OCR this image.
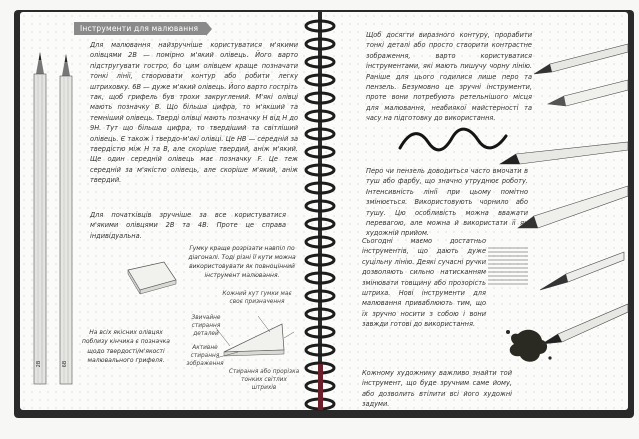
Інструменти для малювання
2В	6В
Для малювання найзручніше користуватися м'якими олівцями 2В — помірно м'який олівець. Його варто підстругувати гостро, бо цим олівцем краще позначати тонкі лінії, створювати контур або робити легку штриховку. 6В — дуже м'який олівець. Його варто гостріть так, щоб грифель був трохи закруглений. М'які олівці мають позначку В. Що більша цифра, то м'якший та темніший олівець. Тверді олівці мають позначку Н від Н до 9Н. Тут що більша цифра, то твердіший та світліший олівець. Є також і твердо-м'які олівці. Це НВ — середній за твердістю між Н та В, але скоріше твердий, аніж м'який. Ще один середній олівець має позначку F. Це теж середній за м'якістю олівець, але скоріше м'який, аніж твердий.
Для початківців зручніше за все користуватися м'якими олівцями 2В та 4В. Проте це справа індивідуальна.
Гумку краще розрізати навпіл по діагоналі. Тоді різні її кути можна використовувати як повноцінний інструмент малювання.
Кожний кут гумки має своє призначення
Звичайне стирання деталей
Активне стирання зображення
Стирання або прорізка тонких світлих штрихів
На всіх якісних олівцях поблизу кінчика є позначка щодо твердості/м'якості малювального грифеля.
Щоб досягти виразного контуру, прорабити тонкі деталі або просто створити контрастне зображення, варто користуватися інструментами, які мають пишучу чорну лінію. Раніше для цього годилися лише перо та пензель. Безумовно це зручні інструменти, проте вони потребують ретельнішого місця для малювання, неабиякої майстерності та часу на підготовку до використання.
Перо чи пензель доводиться часто вмочати в туш або фарбу, що значно утруднює роботу. Інтенсивність лінії при цьому помітно змінюється. Використовують чорнило або тушу. Цю особливість можна вважати перевагою, але можна й використати її як художній прийом.
Сьогодні маємо достатньо інструментів, що дають дуже суцільну лінію. Деякі сучасні ручки дозволяють сильно натисканням змінювати товщину або прозорість штриха. Нові інструменти для малювання приваблюють тим, що їх зручно носити з собою і вони завжди готові до використання.
Кожному художнику важливо знайти той інструмент, що буде зручним саме йому, або дозволить втілити всі його художні задуми.
